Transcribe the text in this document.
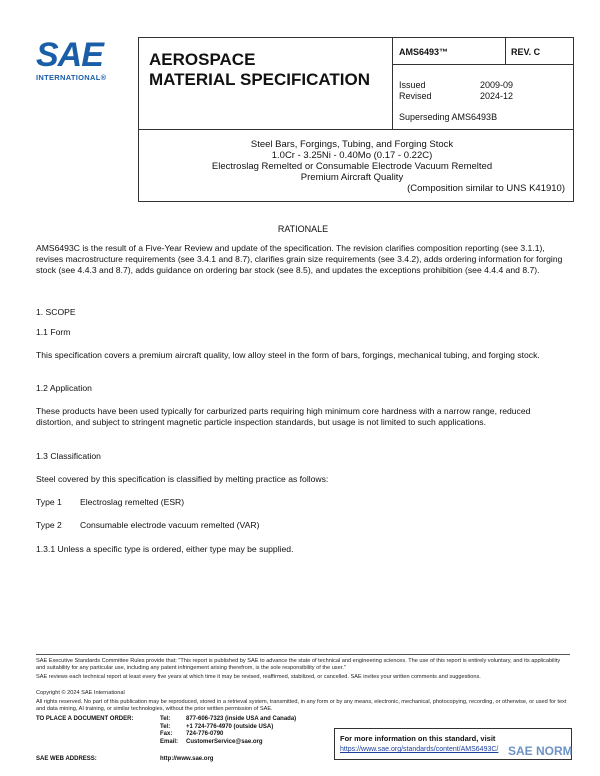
SAE
INTERNATIONAL®
AEROSPACE
MATERIAL SPECIFICATION
AMS6493™	REV. C
Issued	2009-09
Revised	2024-12
Superseding AMS6493B
Steel Bars, Forgings, Tubing, and Forging Stock
1.0Cr - 3.25Ni - 0.40Mo (0.17 - 0.22C)
Electroslag Remelted or Consumable Electrode Vacuum Remelted
Premium Aircraft Quality
(Composition similar to UNS K41910)
RATIONALE
AMS6493C is the result of a Five-Year Review and update of the specification. The revision clarifies composition reporting (see 3.1.1), revises macrostructure requirements (see 3.4.1 and 8.7), clarifies grain size requirements (see 3.4.2), adds ordering information for forging stock (see 4.4.3 and 8.7), adds guidance on ordering bar stock (see 8.5), and updates the exceptions prohibition (see 4.4.4 and 8.7).
1. SCOPE
1.1 Form
This specification covers a premium aircraft quality, low alloy steel in the form of bars, forgings, mechanical tubing, and forging stock.
1.2 Application
These products have been used typically for carburized parts requiring high minimum core hardness with a narrow range, reduced distortion, and subject to stringent magnetic particle inspection standards, but usage is not limited to such applications.
1.3 Classification
Steel covered by this specification is classified by melting practice as follows:
Type 1	Electroslag remelted (ESR)
Type 2	Consumable electrode vacuum remelted (VAR)
1.3.1 Unless a specific type is ordered, either type may be supplied.
SAE Executive Standards Committee Rules provide that: "This report is published by SAE to advance the state of technical and engineering sciences. The use of this report is entirely voluntary, and its applicability and suitability for any particular use, including any patent infringement arising therefrom, is the sole responsibility of the user."
SAE reviews each technical report at least every five years at which time it may be revised, reaffirmed, stabilized, or cancelled. SAE invites your written comments and suggestions.
Copyright © 2024 SAE International
All rights reserved. No part of this publication may be reproduced, stored in a retrieval system, transmitted, in any form or by any means, electronic, mechanical, photocopying, recording, or otherwise, or used for text and data mining, AI training, or similar technologies, without the prior written permission of SAE.
TO PLACE A DOCUMENT ORDER:	Tel:	877-606-7323 (inside USA and Canada)
Tel:	+1 724-776-4970 (outside USA)
Fax: 724-776-0790
Email: CustomerService@sae.org
SAE WEB ADDRESS:	http://www.sae.org
For more information on this standard, visit
https://www.sae.org/standards/content/AMS6493C/ SAE NORM
